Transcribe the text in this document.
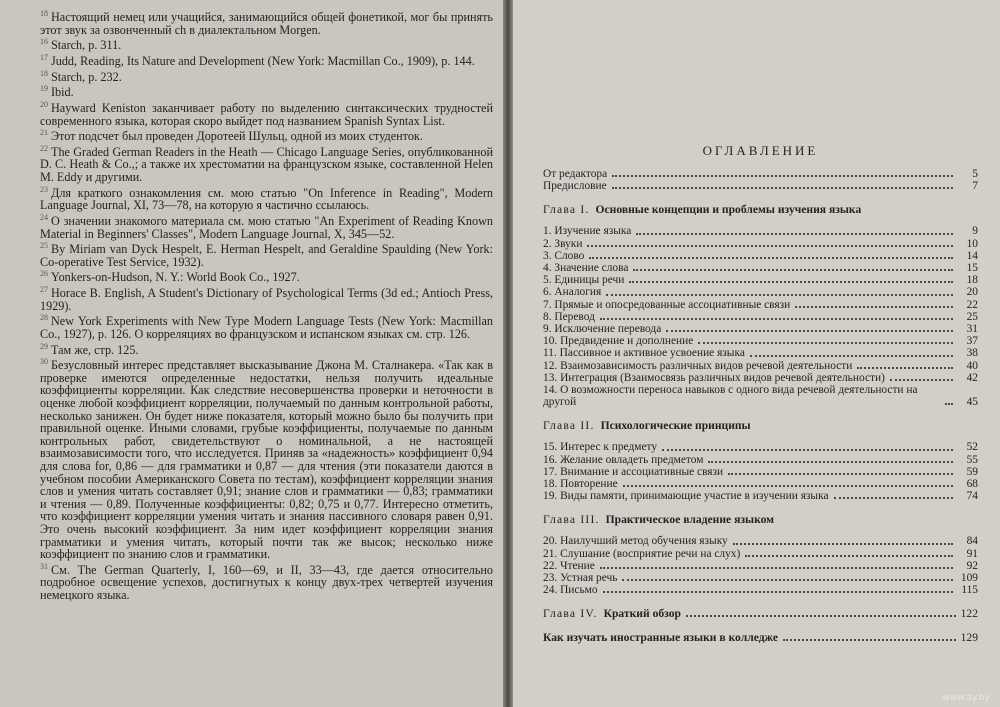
$^{18}$ Настоящий немец или учащийся, занимающийся общей фонетикой, мог бы принять этот звук за озвонченный ch в диалектальном Morgen.

$^{16}$ Starch, p. 311.

$^{17}$ Judd, Reading, Its Nature and Development (New York: Macmillan Co., 1909), p. 144.

$^{18}$ Starch, p. 232.

$^{19}$ Ibid.

$^{20}$ Hayward Keniston заканчивает работу по выделению синтаксических трудностей современного языка, которая скоро выйдет под названием Spanish Syntax List.

$^{21}$ Этот подсчет был проведен Доротеей Шульц, одной из моих студенток.

$^{22}$ The Graded German Readers in the Heath — Chicago Language Series, опубликованной D. C. Heath & Co.,; а также их хрестоматии на французском языке, составленной Helen M. Eddy и другими.

$^{23}$ Для краткого ознакомления см. мою статью "On Inference in Reading", Modern Language Journal, XI, 73—78, на которую я частично ссылаюсь.

$^{24}$ О значении знакомого материала см. мою статью "An Experiment of Reading Known Material in Beginners' Classes", Modern Language Journal, X, 345—52.

$^{25}$ By Miriam van Dyck Hespelt, E. Herman Hespelt, and Geraldine Spaulding (New York: Co-operative Test Service, 1932).

$^{26}$ Yonkers-on-Hudson, N. Y.: World Book Co., 1927.

$^{27}$ Horace B. English, A Student's Dictionary of Psychological Terms (3d ed.; Antioch Press, 1929).

$^{28}$ New York Experiments with New Type Modern Language Tests (New York: Macmillan Co., 1927), p. 126. О корреляциях во французском и испанском языках см. стр. 126.

$^{29}$ Там же, стр. 125.

$^{30}$ Безусловный интерес представляет высказывание Джона М. Сталнакера. «Так как в проверке имеются определенные недостатки, нельзя получить идеальные коэффициенты корреляции. Как следствие несовершенства проверки и неточности в оценке любой коэффициент корреляции, получаемый по данным контрольной работы, несколько занижен. Он будет ниже показателя, который можно было бы получить при правильной оценке. Иными словами, грубые коэффициенты, получаемые по данным контрольных работ, свидетельствуют о номинальной, а не настоящей взаимозависимости того, что исследуется. Приняв за «надежность» коэффициент 0,94 для слова for, 0,86 — для грамматики и 0,87 — для чтения (эти показатели даются в учебном пособии Американского Совета по тестам), коэффициент корреляции знания слов и умения читать составляет 0,91; знание слов и грамматики — 0,83; грамматики и чтения — 0,89. Полученные коэффициенты: 0,82; 0,75 и 0,77. Интересно отметить, что коэффициент корреляции умения читать и знания пассивного словаря равен 0,91. Это очень высокий коэффициент. За ним идет коэффициент корреляции знания грамматики и умения читать, который почти так же высок; несколько ниже коэффициент по знанию слов и грамматики.

$^{31}$ См. The German Quarterly, I, 160—69, и II, 33—43, где дается относительно подробное освещение успехов, достигнутых к концу двух-трех четвертей изучения немецкого языка.

ОГЛАВЛЕНИЕ
От редактора	5
Предисловие	7
Глава I. Основные концепции и проблемы изучения языка
1. Изучение языка	9
2. Звуки	10
3. Слово	14
4. Значение слова	15
5. Единицы речи	18
6. Аналогия	20
7. Прямые и опосредованные ассоциативные связи	22
8. Перевод	25
9. Исключение перевода	31
10. Предвидение и дополнение	37
11. Пассивное и активное усвоение языка	38
12. Взаимозависимость различных видов речевой деятельности	40
13. Интеграция (Взаимосвязь различных видов речевой деятельности)	42
14. О возможности переноса навыков с одного вида речевой деятельности на другой	45
Глава II. Психологические принципы
15. Интерес к предмету	52
16. Желание овладеть предметом	55
17. Внимание и ассоциативные связи	59
18. Повторение	68
19. Виды памяти, принимающие участие в изучении языка	74
Глава III. Практическое владение языком
20. Наилучший метод обучения языку	84
21. Слушание (восприятие речи на слух)	91
22. Чтение	92
23. Устная речь	109
24. Письмо	115
Глава IV. Краткий обзор	122
Как изучать иностранные языки в колледже	129
www.ay.by
